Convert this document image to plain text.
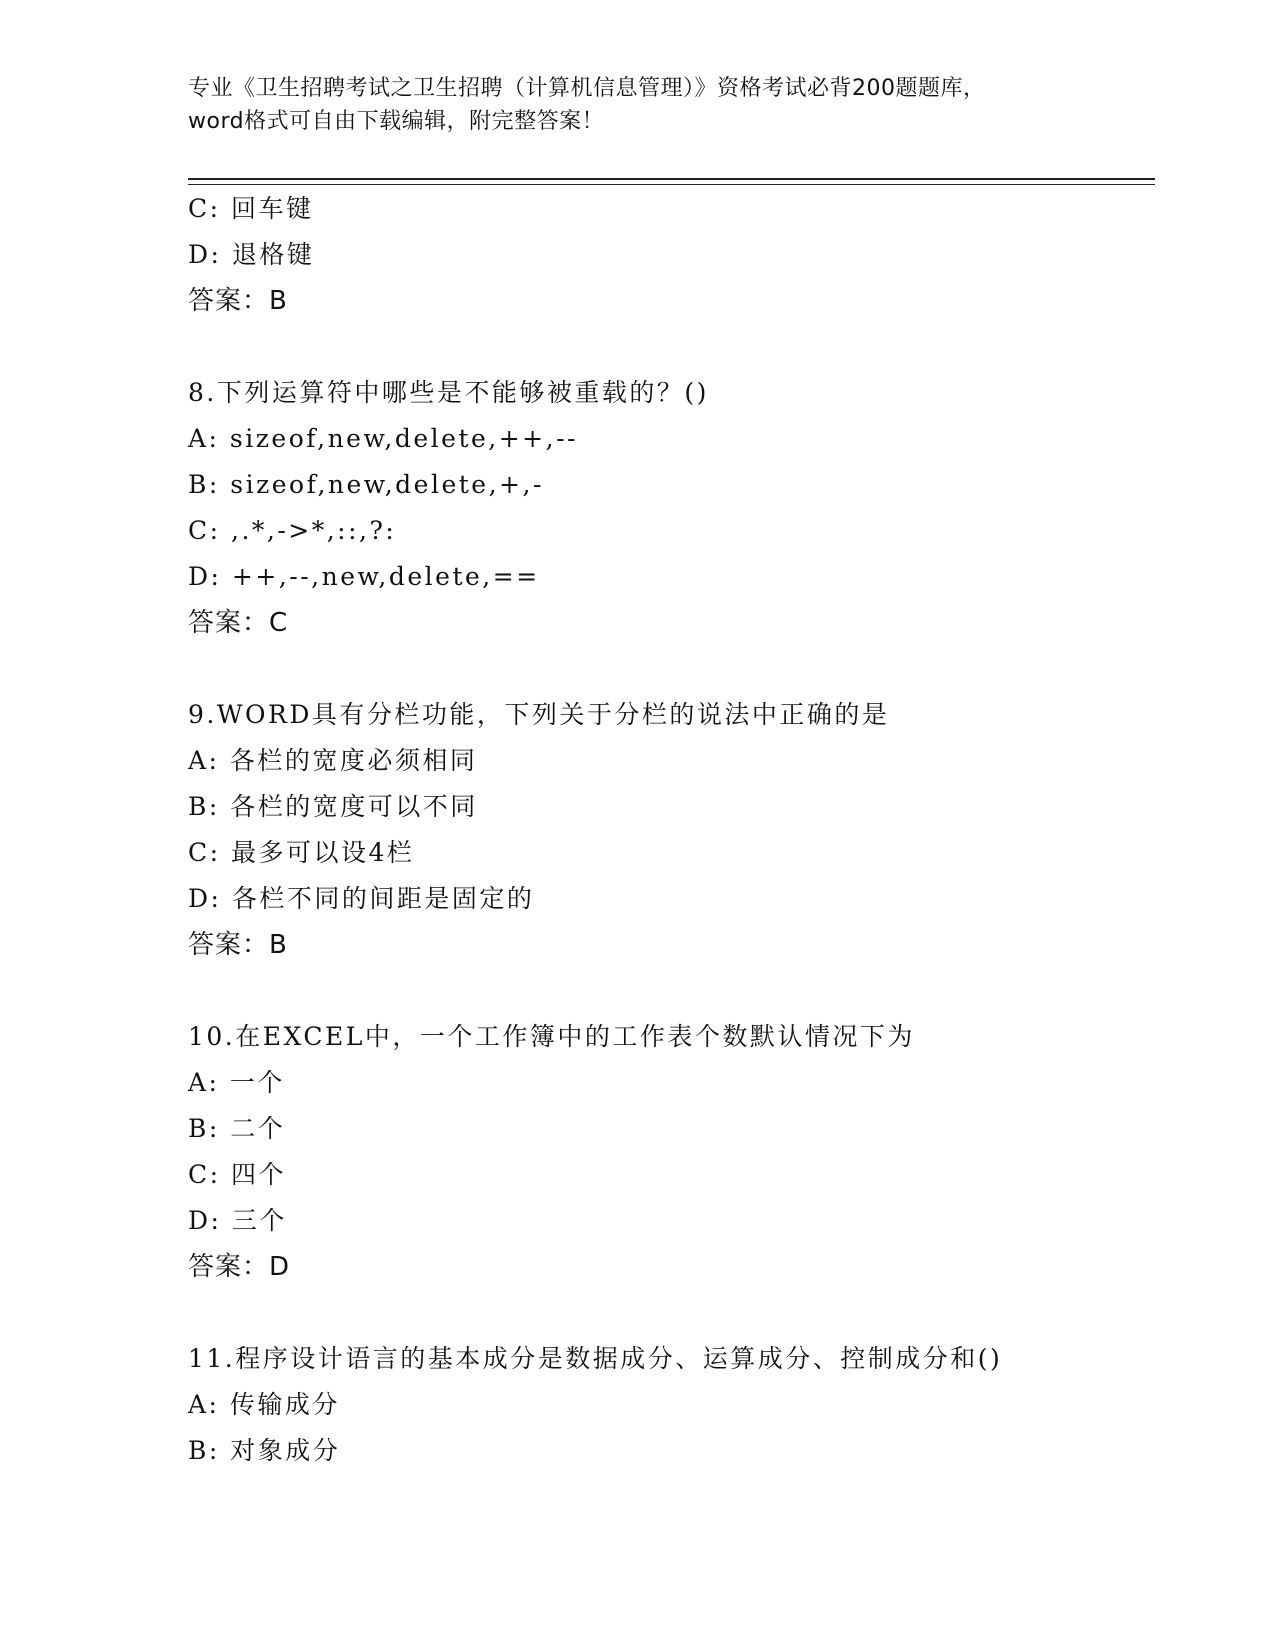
专业《卫生招聘考试之卫生招聘（计算机信息管理）》资格考试必背200题题库，
word格式可自由下载编辑，附完整答案！
C: 回车键
D: 退格键
答案：B
8.下列运算符中哪些是不能够被重载的？()
A: sizeof,new,delete,++,--
B: sizeof,new,delete,+,-
C: ,.*,->*,::,?:
D: ++,--,new,delete,==
答案：C
9.WORD具有分栏功能，下列关于分栏的说法中正确的是
A: 各栏的宽度必须相同
B: 各栏的宽度可以不同
C: 最多可以设4栏
D: 各栏不同的间距是固定的
答案：B
10.在EXCEL中，一个工作簿中的工作表个数默认情况下为
A: 一个
B: 二个
C: 四个
D: 三个
答案：D
11.程序设计语言的基本成分是数据成分、运算成分、控制成分和()
A: 传输成分
B: 对象成分
